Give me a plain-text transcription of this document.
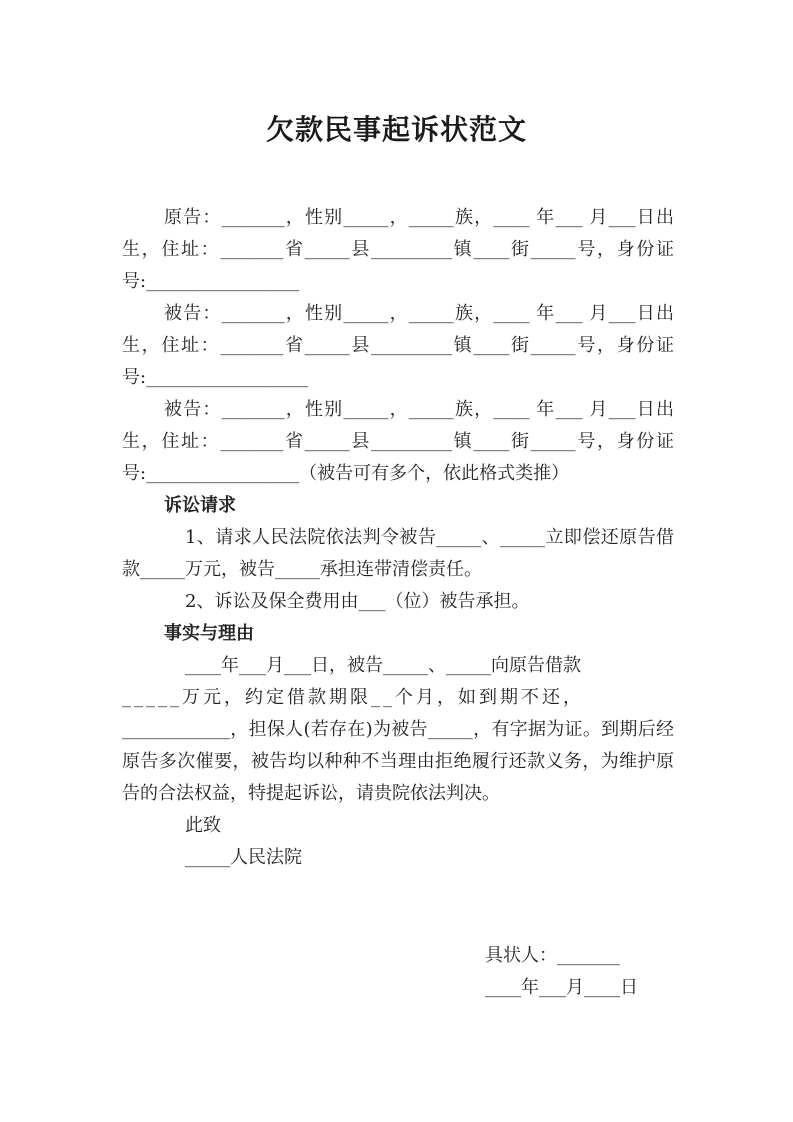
欠款民事起诉状范文

原告：_______，性别_____，_____族，____ 年___ 月___日出生，住址：_______省_____县_________镇____街_____号，身份证号:_________________

被告：_______，性别_____，_____族，____ 年___ 月___日出生，住址：_______省_____县_________镇____街_____号，身份证号:__________________

被告：_______，性别_____，_____族，____ 年___ 月___日出生，住址：_______省_____县_________镇____街_____号，身份证号:_________________（被告可有多个，依此格式类推）

诉讼请求

1、请求人民法院依法判令被告_____、_____立即偿还原告借款_____万元，被告_____承担连带清偿责任。

2、诉讼及保全费用由___（位）被告承担。

事实与理由

____年___月___日，被告_____、_____向原告借款

_____万元，约定借款期限__个月，如到期不还，

____________，担保人(若存在)为被告_____，有字据为证。到期后经原告多次催要，被告均以种种不当理由拒绝履行还款义务，为维护原告的合法权益，特提起诉讼，请贵院依法判决。

此致

_____人民法院

具状人：_______
____年___月____日
